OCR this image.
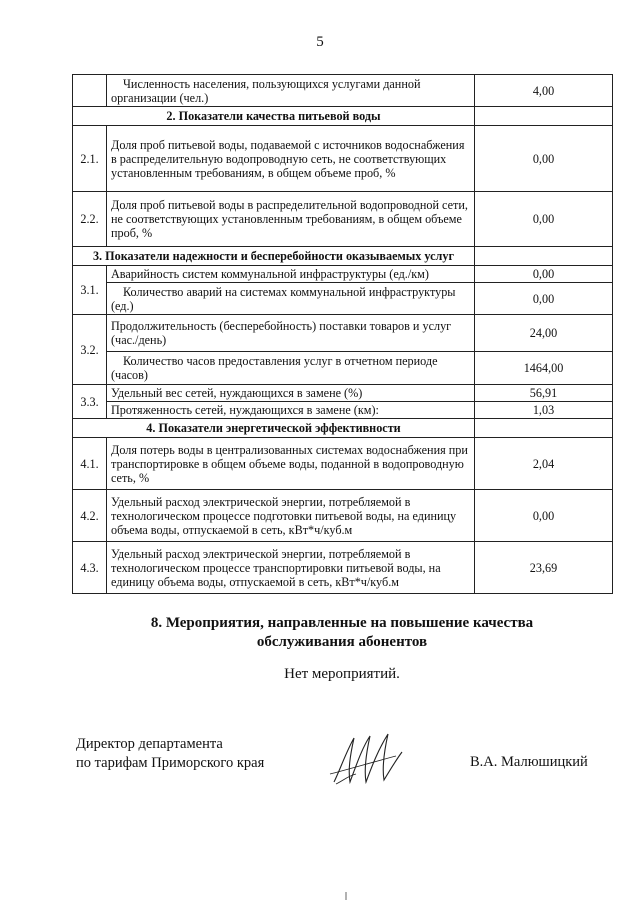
5
	Численность населения, пользующихся услугами данной организации (чел.)	4,00
2. Показатели качества питьевой воды		
2.1.	Доля проб питьевой воды, подаваемой с источников водоснабжения в распределительную водопроводную сеть, не соответствующих установленным требованиям, в общем объеме проб, %	0,00
2.2.	Доля проб питьевой воды в распределительной водопроводной сети, не соответствующих установленным требованиям, в общем объеме проб, %	0,00
3. Показатели надежности и бесперебойности оказываемых услуг		
3.1.	Аварийность систем коммунальной инфраструктуры (ед./км)	0,00
	Количество аварий на системах коммунальной инфраструктуры (ед.)	0,00
3.2.	Продолжительность (бесперебойность) поставки товаров и услуг (час./день)	24,00
	Количество часов предоставления услуг в отчетном периоде (часов)	1464,00
3.3.	Удельный вес сетей, нуждающихся в замене (%)	56,91
	Протяженность сетей, нуждающихся в замене (км):	1,03
4. Показатели энергетической эффективности		
4.1.	Доля потерь воды в централизованных системах водоснабжения при транспортировке в общем объеме воды, поданной в водопроводную сеть, %	2,04
4.2.	Удельный расход электрической энергии, потребляемой в технологическом процессе подготовки питьевой воды, на единицу объема воды, отпускаемой в сеть, кВт*ч/куб.м	0,00
4.3.	Удельный расход электрической энергии, потребляемой в технологическом процессе транспортировки питьевой воды, на единицу объема воды, отпускаемой в сеть, кВт*ч/куб.м	23,69
8. Мероприятия, направленные на повышение качества
обслуживания абонентов
Нет мероприятий.
Директор департамента
по тарифам Приморского края	В.А. Малюшицкий
